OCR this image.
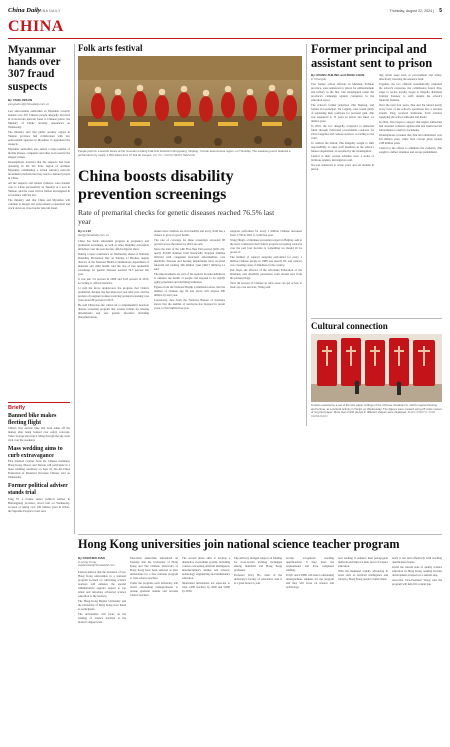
China Daily
CHINA DAILY	Thursday, August 22, 2024 | 5
CHINA
Myanmar hands over 307 fraud suspects
By YANG ZEKUN
yangzekun@chinadaily.com.cn

Law enforcement authorities in Myanmar recently handed over 307 Chinese people allegedly involved in cross-border telecom fraud to Chinese police, the Ministry of Public Security announced on Wednesday.

The ministry said that public security organs in Yunnan province had collaborated with law enforcement agencies in Myanmar to apprehend the suspects.

Myanmar authorities also seized a large number of mobile phones, computers and other tools used in the alleged crimes.

Investigations revealed that the suspects had been operating in the Wa State region of northern Myanmar, establishing a virtual currency network investment platform that they used to defraud people in China.

All the suspects and related evidence were handed over to China successfully on Tuesday at a port in Yunnan, and the cases will be further investigated in accordance with the law.

The ministry said that China and Myanmar will continue to deepen law enforcement cooperation and crack down on cross-border telecom fraud.

Briefly
Banned bike makes fleeting flight
China's first electric bike had been taken off the market after being banned over safety concerns. Video footage showing it riding through the sky went viral over the weekend.
Mass wedding aims to curb extravagance
Five hundred couples from the Chinese mainland, Hong Kong, Macao and Taiwan will participate in a mass wedding ceremony on Sept 22, the All-China Federation of Returned Overseas Chinese said on Wednesday.
Former political adviser stands trial
Tang Yi, a former senior political adviser in Heilongjiang province, stood trial on Wednesday, accused of taking over 100 million yuan in bribes, the Supreme People's Court said.
Folk arts festival
People perform a Hanshi dance at the mountain Linfang Folk Arts Festival in Dongxiang, Xinjiang. Yunnan autonomous region, on Thursday. The weeklong event featured a performance by nearly 1,000 artists from 47 folk art troupes. LIU XU / CHINA NEWS SERVICE
China boosts disability prevention screenings
Rate of premarital checks for genetic diseases reached 76.5% last year
By LI LEI
lilei@chinadaily.com.cn

China has made substantial progress in pregnancy and premarital screenings, as well as other disability prevention initiatives over the past decade, official figures show.

During a news conference on Wednesday ahead of National Disability Prevention Day on Sunday, Li Baohua, deputy director of the National Health Commission's department of maternal and child health, said the rate of free premarital screenings for genetic diseases reached 76.5 percent last year.

It was just 5.9 percent in 2008 and 61.8 percent in 2013, according to official statistics.

Li said the move underscores the progress that China's premarital checkup rate has improved year after year, and the percent of pregnant women receiving prenatal screening rose from about 80 percent in 2013.

He said China has also rolled out a comprehensive newborn disease screening program that screens infants for hearing impairments and rare genetic disorders including phenylketonuria.

ensure more children are born healthy and every child has a chance to grow in good health.

The rate of coverage for these screenings exceeded 98 percent across the nation by 2023, he said.

Since the start of the 14th Five-Year Plan period (2021-25), nearly 65,000 children from financially strapped families afflicted with congenital structural abnormalities, rare metabolic diseases and hearing impairments have received financial aid totaling 346 million yuan ($49.7 million), Li said.

The improvements are part of the nation's broader initiatives to enhance the health of people and respond to its rapidly aging population and declining birthrates.

Figures from the National Health Commission show that the number of Chinese age 60 and above will surpass 300 million by next year.

Conversely, data from the National Bureau of Statistics shows that the number of newborns has dropped in recent years, to 9.02 million last year.

surgeons performed for every 1 million Chinese increased from 1,750 in 2021 to 3,240 last year.

Wang Ningli, a blindness prevention expert in Beijing, said at the news conference that China's progress in treating cataracts over the past four decades is 'something we should all be proud of.'

The number of cataract surgeries performed for every 1 million Chinese people in 1988 was merely 83, and cataract was a leading cause of blindness in the country.

Pan Jiayu, the director of the All-China Federation of the Disabled, said disability prevention work should start from the prenatal stage.

'Now 96 percent of Chinese in rural areas can get access to basic eye care services,' Wang said.

Former principal and assistant sent to prison
By HUANG ZHILING and ZENG CHAN
in Chengdu

Two former school officials in Meishan, Sichuan province, were sentenced to prison for embezzlement and bribery in the first case investigated under the province's campaign against corruption in the education sector.

The school's former principal, Zhu Yuqiang, and former vice-principal, Xu Lugang, were found guilty of exploiting their positions for personal gain. Zhu was sentenced to 13 years in prison and fined 1.2 million yuan.

In 2016, the two allegedly conspired to embezzle funds through fabricated procurement contracts for school supplies and canteen services, according to the court.

To address the fallout, Zhu allegedly sought to shift responsibility to other staff members in the school's finance department, as revealed by the investigation.

Central to their corrupt schemes were a series of fictitious tenders, investigators said.

Xu was sentenced to seven years and six months in prison.

ting rental areas such as procurement and safety, effectively lowering the sentence term.

Together, the two officials systematically exploited the school's resources, the commission found. Zhu, eager to secure loyalty, began to illegally distribute 'holiday bonuses' to staff, despite the school's financial burdens.

Over the next four years, Zhu and Xu turned nearly every facet of the school's operations into a revenue stream. They received kickbacks from vendors supplying the school uniforms and meals.

In 2022, Zhu began to suspect that higher authorities had obtained evidence against him and instructed his subordinates to destroy documents.

Investigations revealed that Zhu had embezzled over 6.6 million yuan, while Xu's corrupt gains totaled 2.98 million yuan.

Central to his efforts to eliminate the evidence, Zhu sought to deflect attention and escape punishment.

Cultural connection
Tourists experience a set of life-size paper cuttings of the Chinese character fu, which means blessing and fortune, at a cultural activity in Tianjin on Wednesday. The figures were created using 25 cubic meters of recycled paper. More than 2,000 pieces in different shapes were displayed. ZHAO XINGYU / FOR CHINA DAILY
Hong Kong universities join national science teacher program
By STEPHEN XIAN
in Hong Kong
stephenxian@chinadailyhk.com

Experts believe that the inclusion of two Hong Kong universities in a national program focused on cultivating science teachers will enhance the special administrative region's appeal to top talent and introduce advanced science education to the territory.

The Hong Kong Baptist University and the University of Hong Kong were listed as participants.

The universities will focus on the training of science teachers at the master's degree level.

Education authorities announced on Tuesday that the University of Hong Kong and The Chinese University of Hong Kong have been selected as pilot universities for a new national program to train science teachers.

Under the program, each university will enroll outstanding undergraduates to pursue graduate studies and become science teachers.

The second phase aims to develop a distinctive curriculum system, including courses concerning artificial intelligence, interdisciplinary studies and science, technology, engineering and mathematics education.

Shortlisted universities are expected to train 1,000 teachers by 2026 and 5,000 by 2030.

The advisory pledged support on funding for cross-border learning exchanges among mainland and Hong Kong graduates.

Professor Terry Ho, chair of the university's faculty of education, said it is a great honor to join.

locally recognized teaching qualifications if they meet the requirements and have completed training.

PolyU and CUHK will select outstanding undergraduate students for the program and they will focus on science and technology.

now seeking to enhance their pedagogical methods and improve their level of science education.

With the mainland rapidly advancing in areas such as artificial intelligence and robotics, Hong Kong needs to build talent.

teach it can deal effectively with teaching qualification issues.

Given the current state of quality science education in Hong Kong, seeking broader development prospects is a natural step.

Associate Vice-President Wong said the program will help fill a talent gap.
